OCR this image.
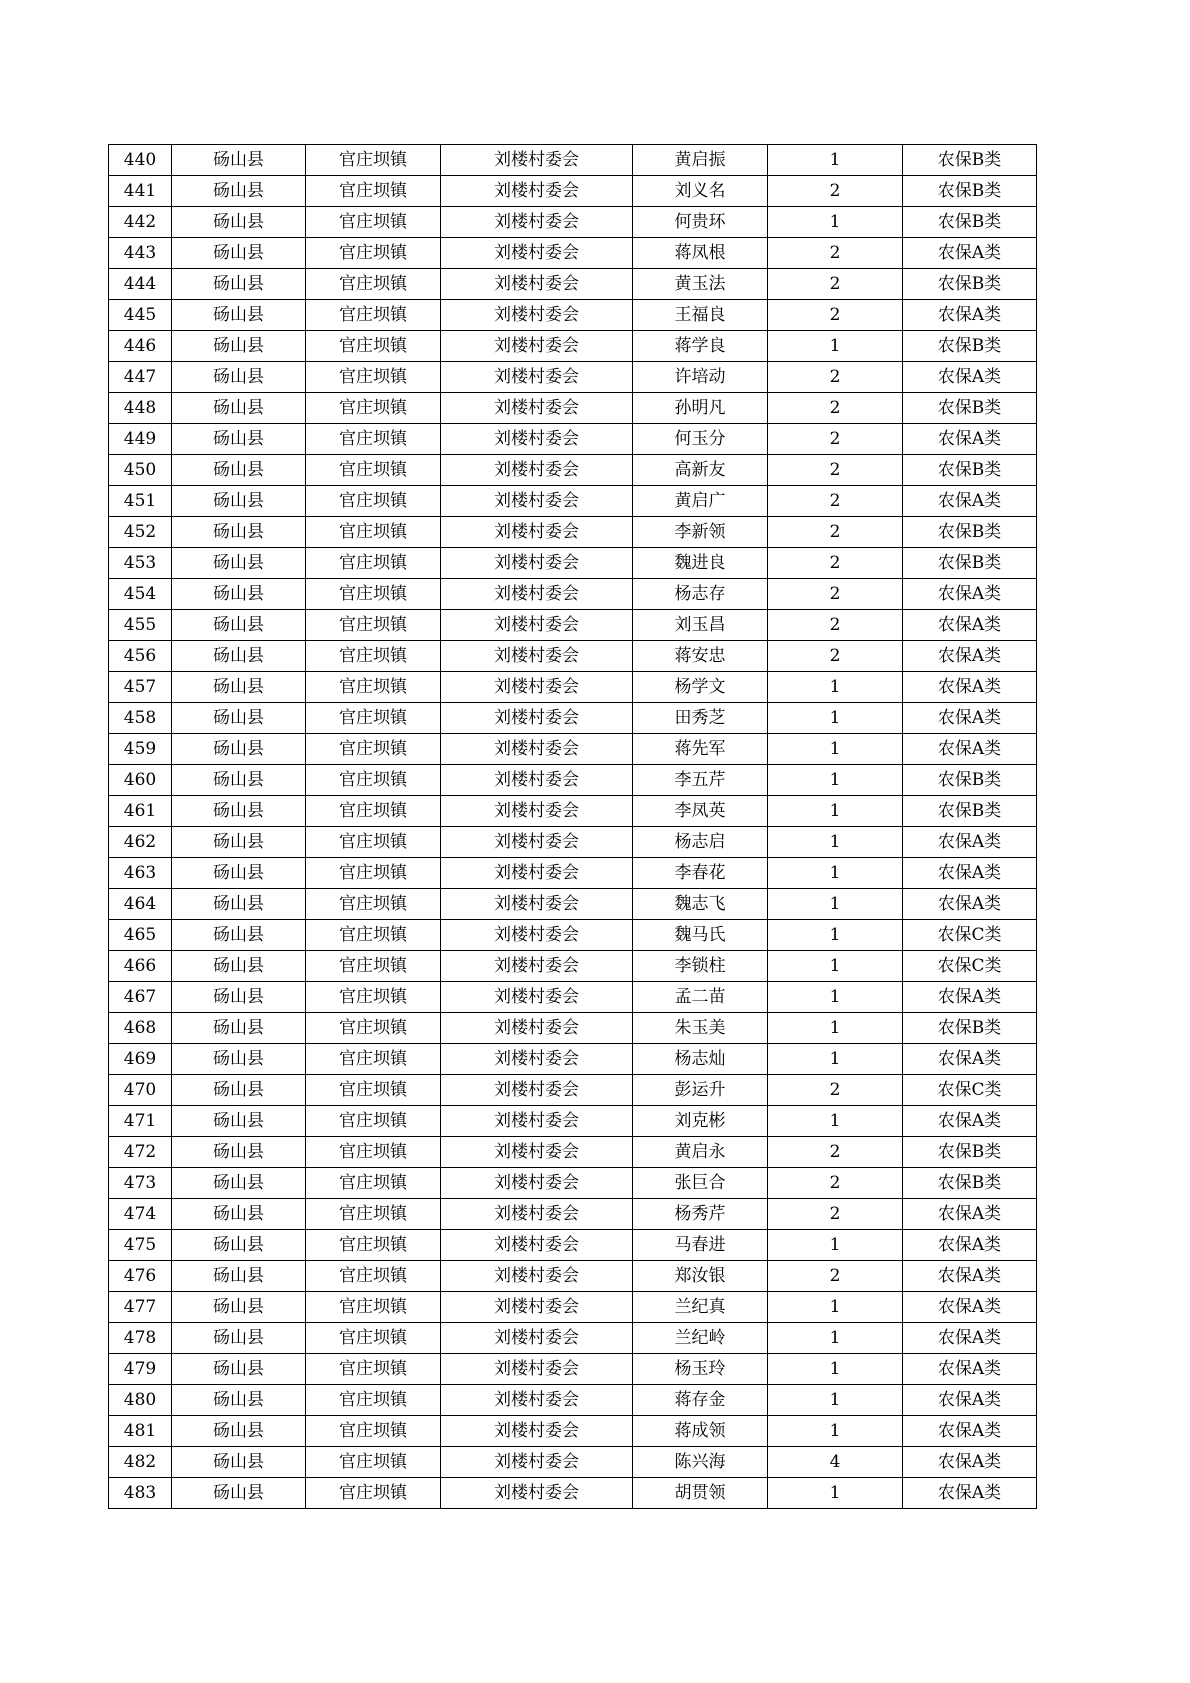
440	砀山县	官庄坝镇	刘楼村委会	黄启振	1	农保B类
441	砀山县	官庄坝镇	刘楼村委会	刘义名	2	农保B类
442	砀山县	官庄坝镇	刘楼村委会	何贵环	1	农保B类
443	砀山县	官庄坝镇	刘楼村委会	蒋凤根	2	农保A类
444	砀山县	官庄坝镇	刘楼村委会	黄玉法	2	农保B类
445	砀山县	官庄坝镇	刘楼村委会	王福良	2	农保A类
446	砀山县	官庄坝镇	刘楼村委会	蒋学良	1	农保B类
447	砀山县	官庄坝镇	刘楼村委会	许培动	2	农保A类
448	砀山县	官庄坝镇	刘楼村委会	孙明凡	2	农保B类
449	砀山县	官庄坝镇	刘楼村委会	何玉分	2	农保A类
450	砀山县	官庄坝镇	刘楼村委会	高新友	2	农保B类
451	砀山县	官庄坝镇	刘楼村委会	黄启广	2	农保A类
452	砀山县	官庄坝镇	刘楼村委会	李新领	2	农保B类
453	砀山县	官庄坝镇	刘楼村委会	魏进良	2	农保B类
454	砀山县	官庄坝镇	刘楼村委会	杨志存	2	农保A类
455	砀山县	官庄坝镇	刘楼村委会	刘玉昌	2	农保A类
456	砀山县	官庄坝镇	刘楼村委会	蒋安忠	2	农保A类
457	砀山县	官庄坝镇	刘楼村委会	杨学文	1	农保A类
458	砀山县	官庄坝镇	刘楼村委会	田秀芝	1	农保A类
459	砀山县	官庄坝镇	刘楼村委会	蒋先军	1	农保A类
460	砀山县	官庄坝镇	刘楼村委会	李五芹	1	农保B类
461	砀山县	官庄坝镇	刘楼村委会	李凤英	1	农保B类
462	砀山县	官庄坝镇	刘楼村委会	杨志启	1	农保A类
463	砀山县	官庄坝镇	刘楼村委会	李春花	1	农保A类
464	砀山县	官庄坝镇	刘楼村委会	魏志飞	1	农保A类
465	砀山县	官庄坝镇	刘楼村委会	魏马氏	1	农保C类
466	砀山县	官庄坝镇	刘楼村委会	李锁柱	1	农保C类
467	砀山县	官庄坝镇	刘楼村委会	孟二苗	1	农保A类
468	砀山县	官庄坝镇	刘楼村委会	朱玉美	1	农保B类
469	砀山县	官庄坝镇	刘楼村委会	杨志灿	1	农保A类
470	砀山县	官庄坝镇	刘楼村委会	彭运升	2	农保C类
471	砀山县	官庄坝镇	刘楼村委会	刘克彬	1	农保A类
472	砀山县	官庄坝镇	刘楼村委会	黄启永	2	农保B类
473	砀山县	官庄坝镇	刘楼村委会	张巨合	2	农保B类
474	砀山县	官庄坝镇	刘楼村委会	杨秀芹	2	农保A类
475	砀山县	官庄坝镇	刘楼村委会	马春进	1	农保A类
476	砀山县	官庄坝镇	刘楼村委会	郑汝银	2	农保A类
477	砀山县	官庄坝镇	刘楼村委会	兰纪真	1	农保A类
478	砀山县	官庄坝镇	刘楼村委会	兰纪岭	1	农保A类
479	砀山县	官庄坝镇	刘楼村委会	杨玉玲	1	农保A类
480	砀山县	官庄坝镇	刘楼村委会	蒋存金	1	农保A类
481	砀山县	官庄坝镇	刘楼村委会	蒋成领	1	农保A类
482	砀山县	官庄坝镇	刘楼村委会	陈兴海	4	农保A类
483	砀山县	官庄坝镇	刘楼村委会	胡贯领	1	农保A类
